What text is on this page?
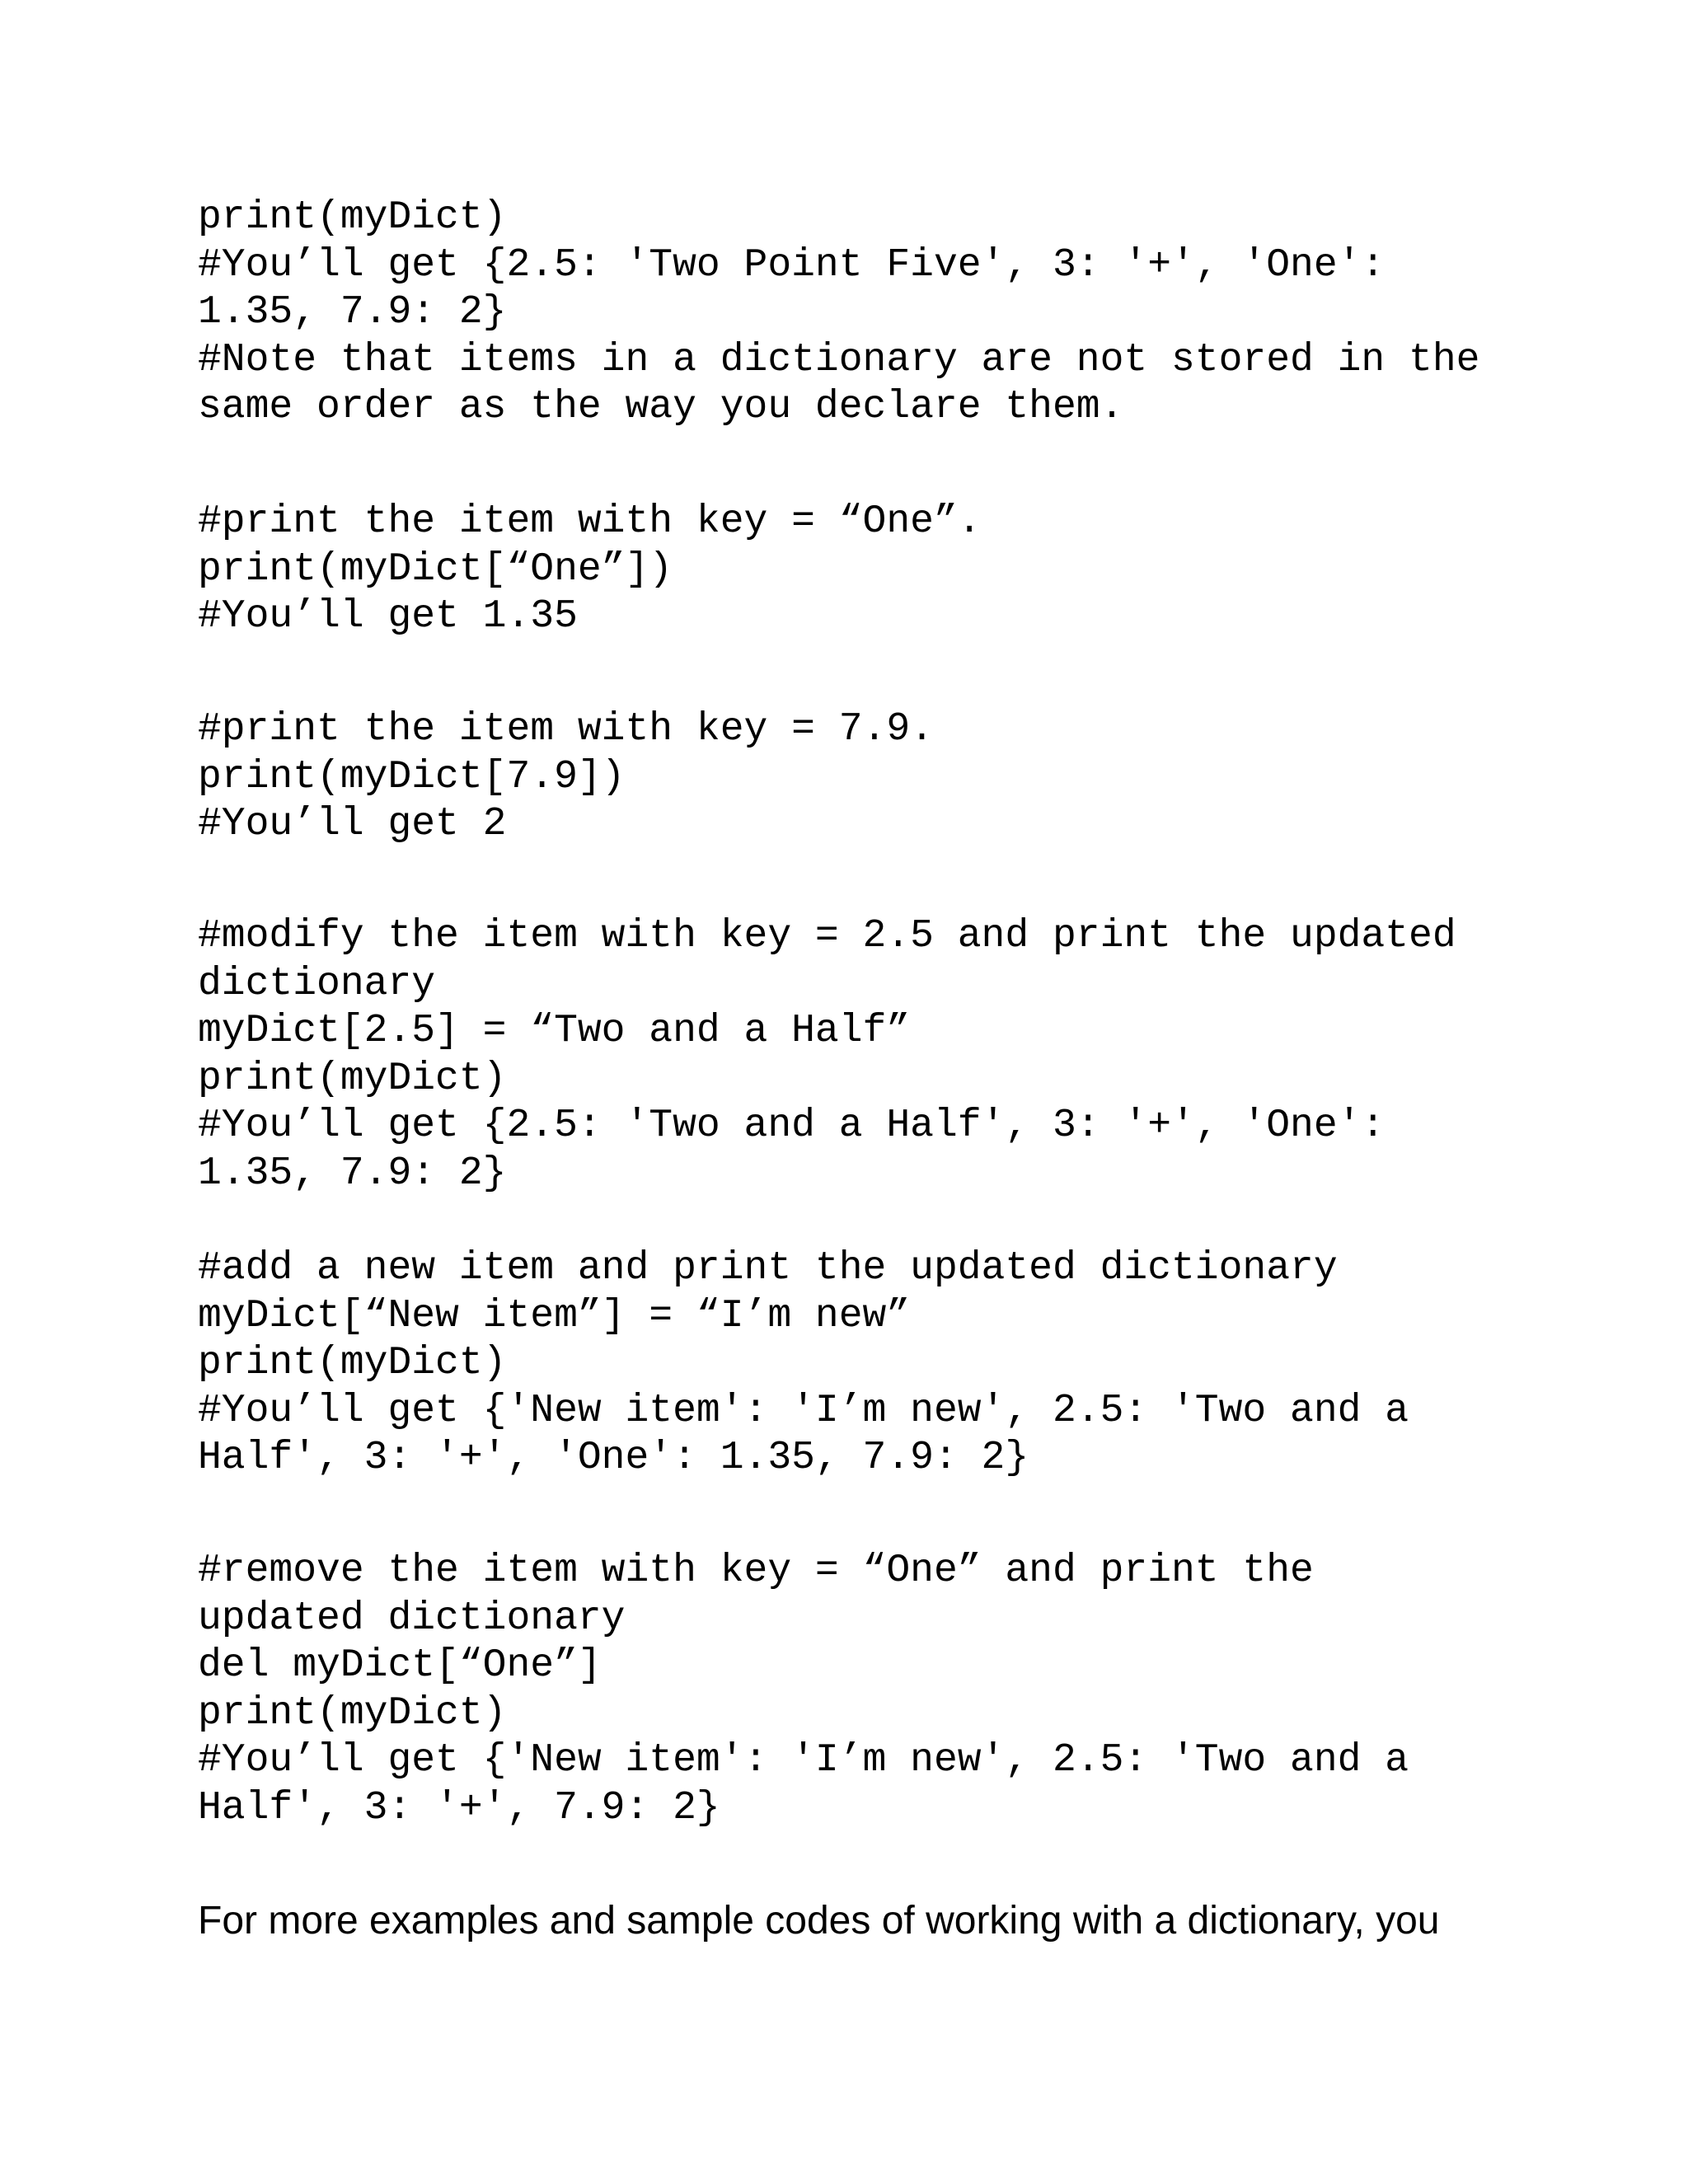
print(myDict)
#You’ll get {2.5: 'Two Point Five', 3: '+', 'One':
1.35, 7.9: 2}
#Note that items in a dictionary are not stored in the
same order as the way you declare them.
#print the item with key = “One”.
print(myDict[“One”])
#You’ll get 1.35
#print the item with key = 7.9.
print(myDict[7.9])
#You’ll get 2
#modify the item with key = 2.5 and print the updated
dictionary
myDict[2.5] = “Two and a Half”
print(myDict)
#You’ll get {2.5: 'Two and a Half', 3: '+', 'One':
1.35, 7.9: 2}
#add a new item and print the updated dictionary
myDict[“New item”] = “I’m new”
print(myDict)
#You’ll get {'New item': 'I’m new', 2.5: 'Two and a
Half', 3: '+', 'One': 1.35, 7.9: 2}
#remove the item with key = “One” and print the
updated dictionary
del myDict[“One”]
print(myDict)
#You’ll get {'New item': 'I’m new', 2.5: 'Two and a
Half', 3: '+', 7.9: 2}

For more examples and sample codes of working with a dictionary, you
